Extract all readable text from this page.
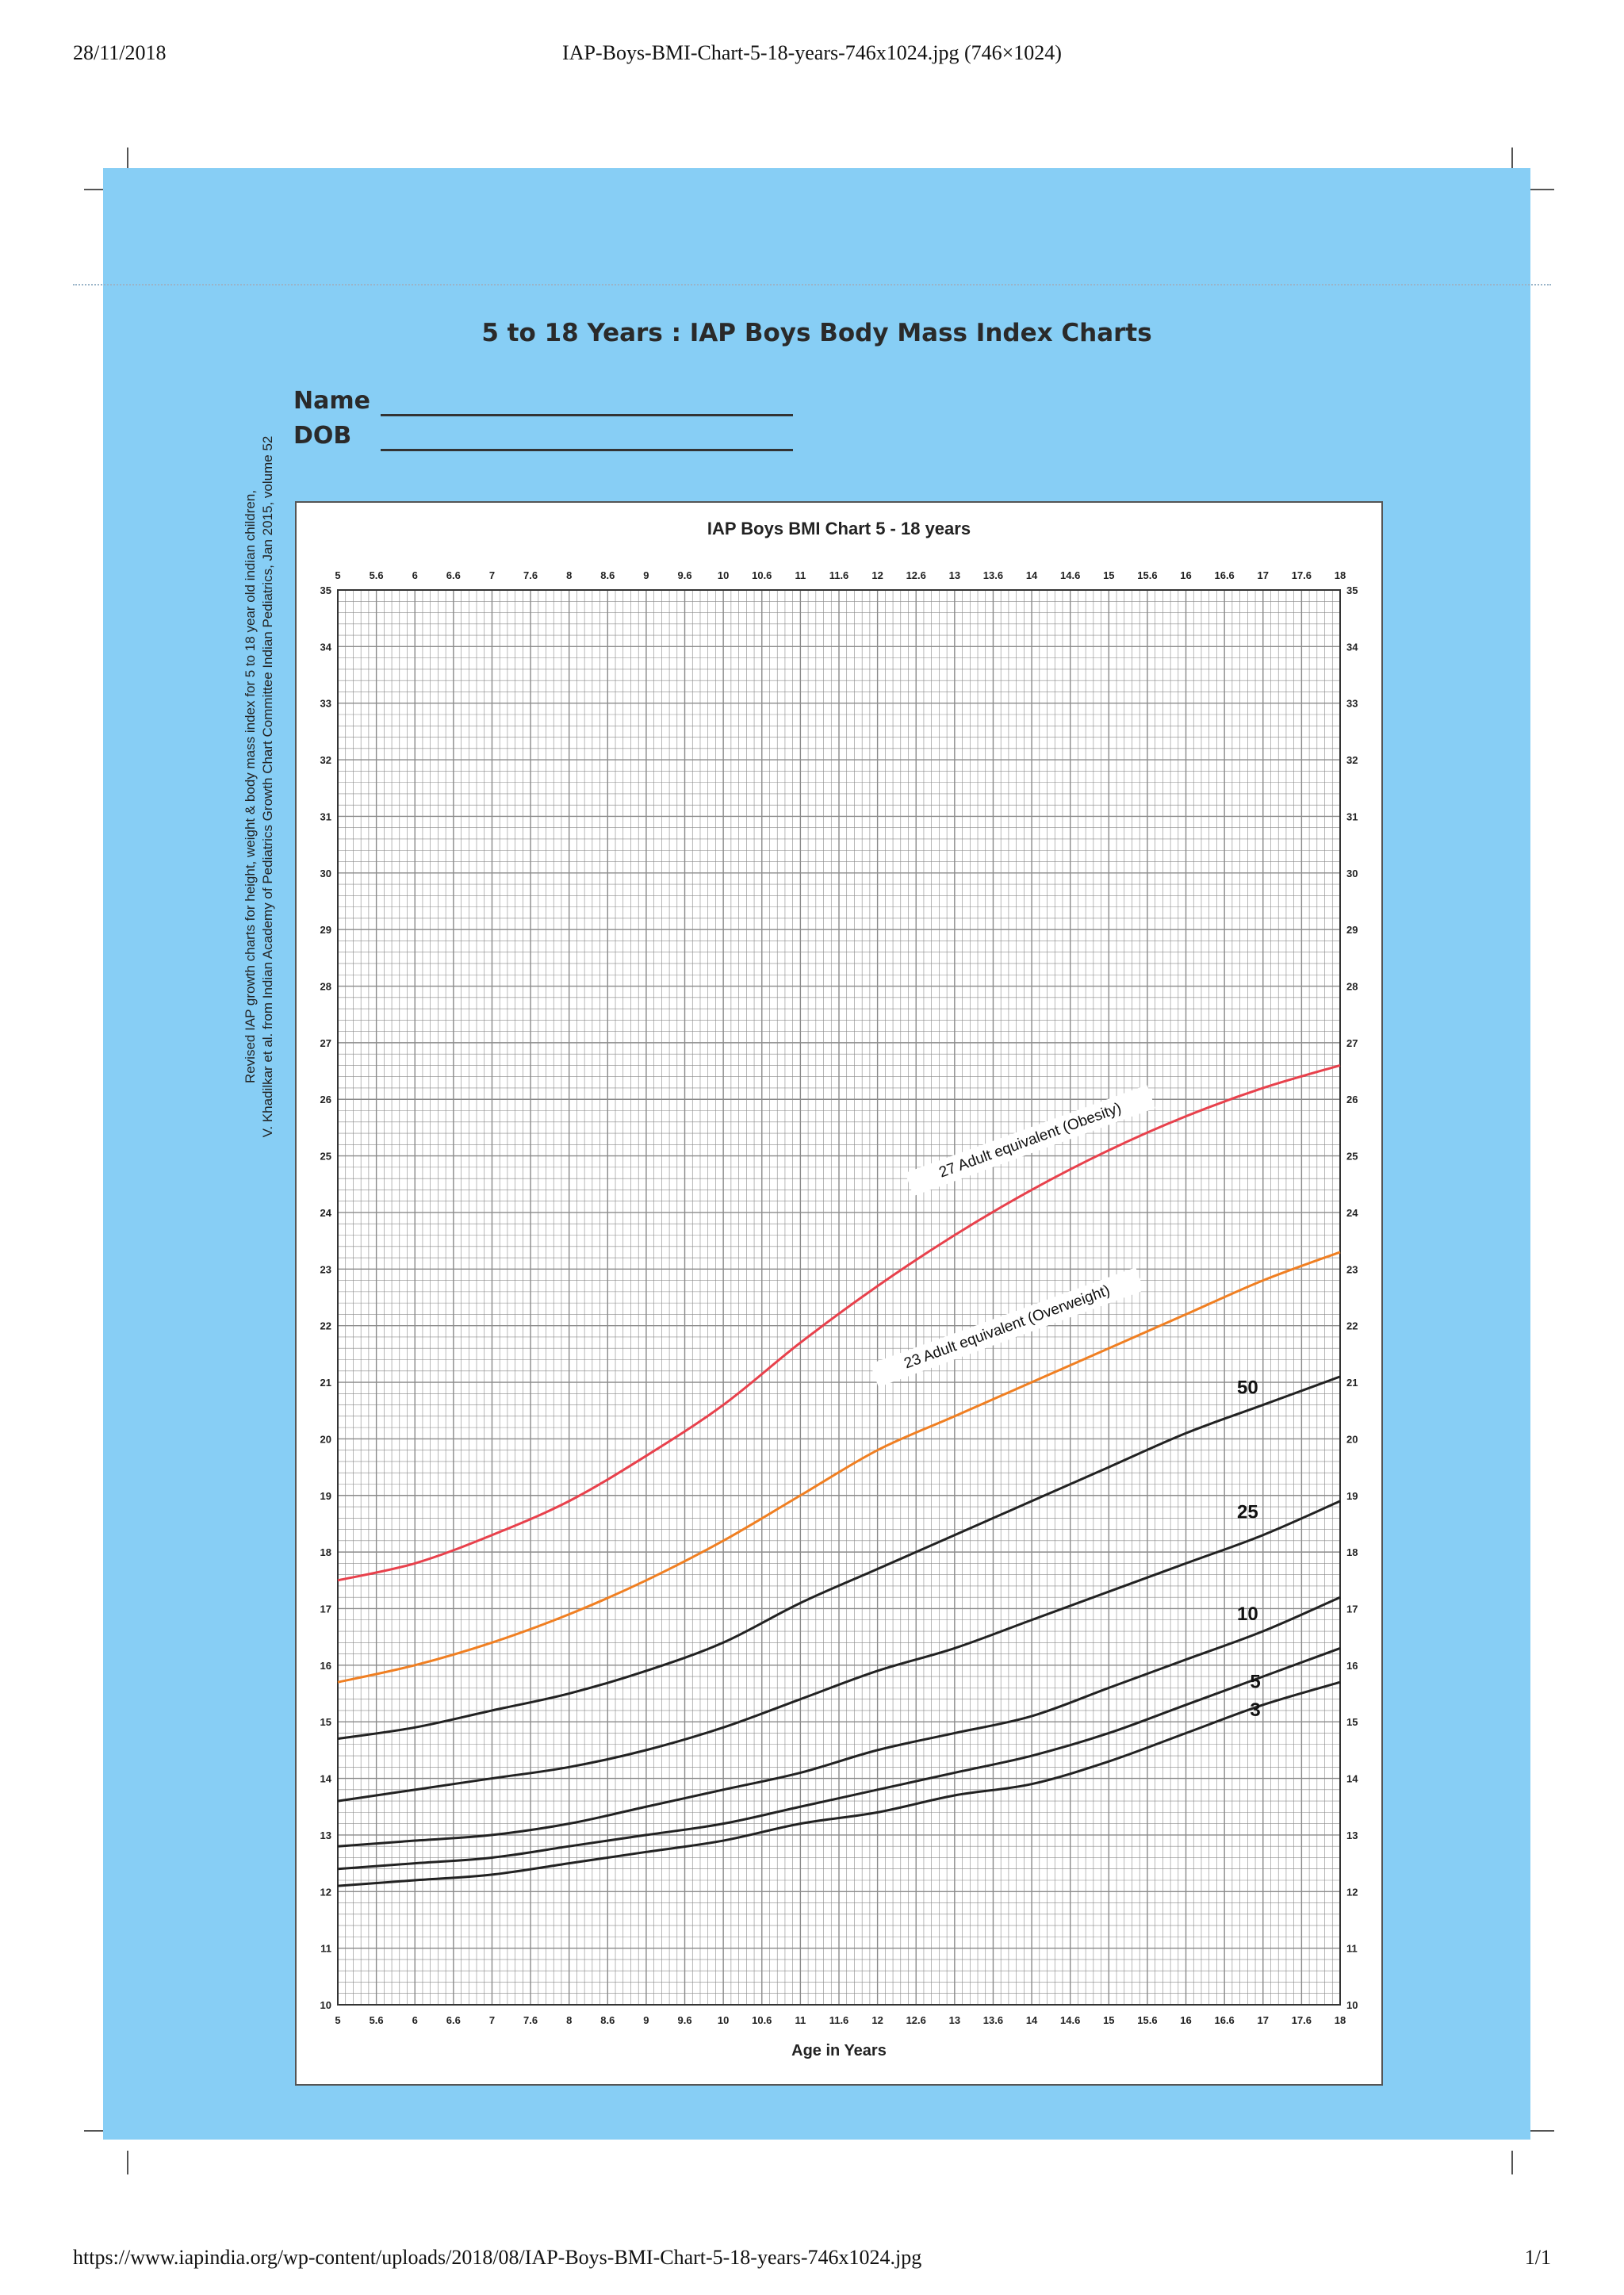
28/11/2018	IAP-Boys-BMI-Chart-5-18-years-746x1024.jpg (746×1024)
5 to 18 Years : IAP Boys Body Mass Index Charts
Name
DOB
Revised IAP growth charts for height, weight & body mass index for 5 to 18 year old indian children, V. Khadilkar et al. from Indian Academy of Pediatrics Growth Chart Committee Indian Pediatrics, Jan 2015, volume 52	IAP Boys BMI Chart 5 - 18 years
5
5
5.6
5.6
6
6
6.6
6.6
7
7
7.6
7.6
8
8
8.6
8.6
9
9
9.6
9.6
10
10
10.6
10.6
11
11
11.6
11.6
12
12
12.6
12.6
13
13
13.6
13.6
14
14
14.6
14.6
15
15
15.6
15.6
16
16
16.6
16.6
17
17
17.6
17.6
18
18
10	10
11	11
12	12
13	13
14	14
15	15
16	16
17	17
18	18
19	19
20	20
21	21
22	22
23	23
24	24
25	25
26	26
27	27
28	28
29	29
30	30
31	31
32	32
33	33
34	34
35	35
Age in Years
27 Adult equivalent (Obesity)
23 Adult equivalent (Overweight)
50
25
10
5
3
https://www.iapindia.org/wp-content/uploads/2018/08/IAP-Boys-BMI-Chart-5-18-years-746x1024.jpg	1/1
